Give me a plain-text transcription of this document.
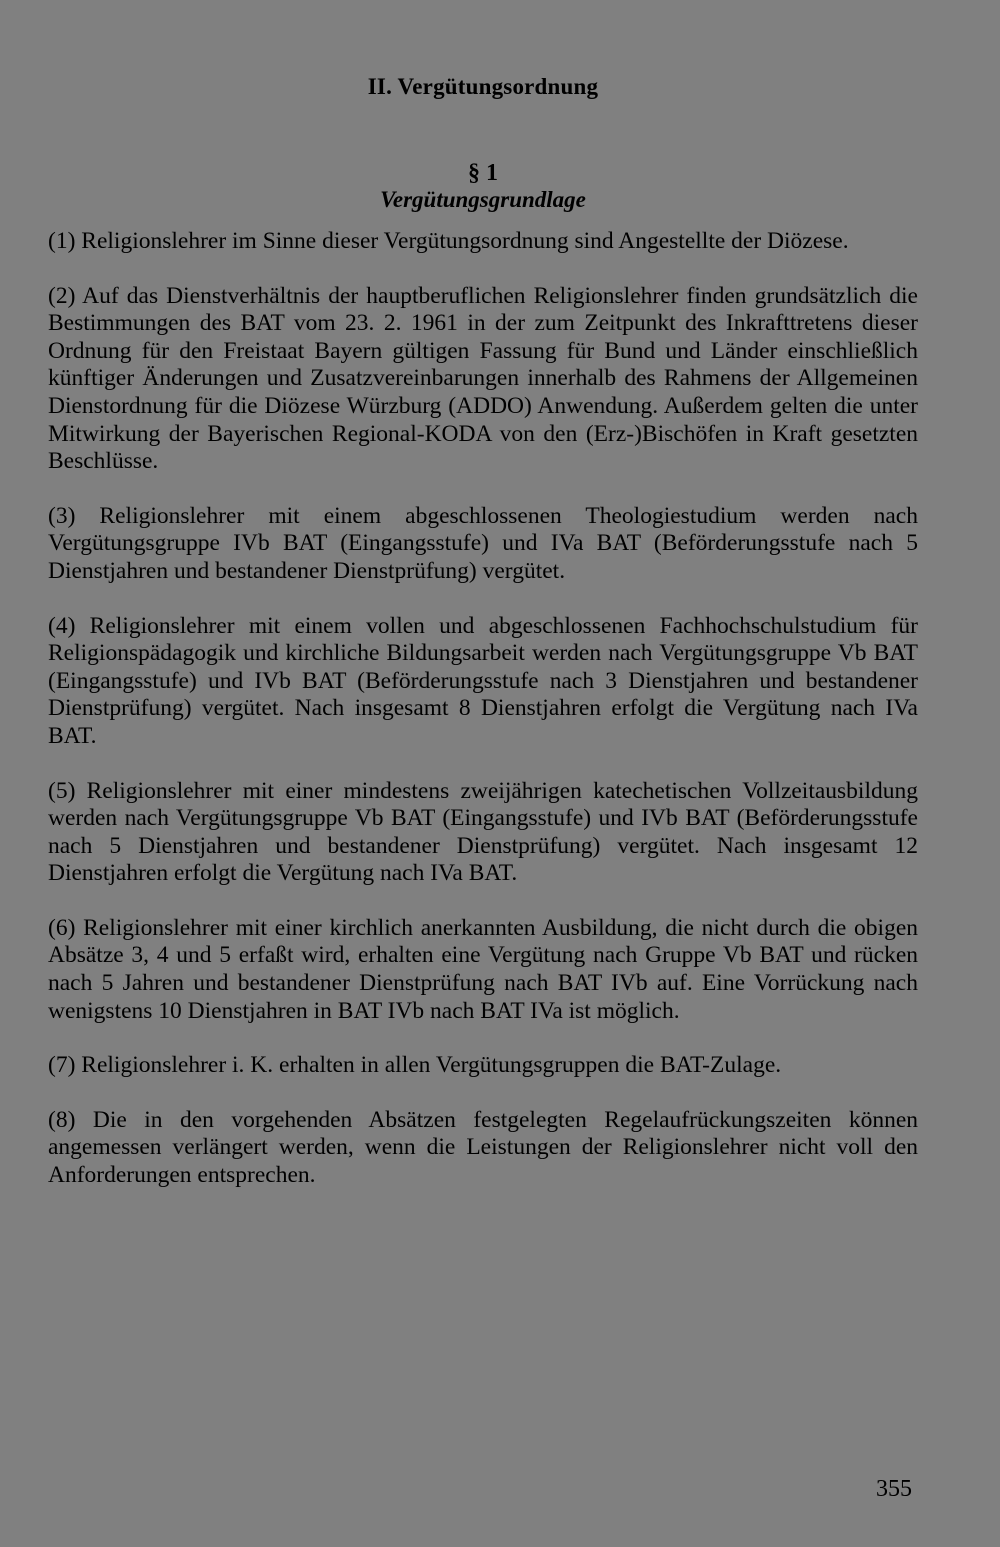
II. Vergütungsordnung
§ 1
Vergütungsgrundlage

(1) Religionslehrer im Sinne dieser Vergütungsordnung sind Angestellte der Diözese.

(2) Auf das Dienstverhältnis der hauptberuflichen Religionslehrer finden grundsätzlich die Bestimmungen des BAT vom 23. 2. 1961 in der zum Zeitpunkt des Inkrafttretens dieser Ordnung für den Freistaat Bayern gültigen Fassung für Bund und Länder einschließlich künftiger Änderungen und Zusatzvereinbarungen innerhalb des Rahmens der Allgemeinen Dienstordnung für die Diözese Würzburg (ADDO) Anwendung. Außerdem gelten die unter Mitwirkung der Bayerischen Regional-KODA von den (Erz-)Bischöfen in Kraft gesetzten Beschlüsse.

(3) Religionslehrer mit einem abgeschlossenen Theologiestudium werden nach Vergütungsgruppe IVb BAT (Eingangsstufe) und IVa BAT (Beförderungsstufe nach 5 Dienstjahren und bestandener Dienstprüfung) vergütet.

(4) Religionslehrer mit einem vollen und abgeschlossenen Fachhochschulstudium für Religionspädagogik und kirchliche Bildungsarbeit werden nach Vergütungsgruppe Vb BAT (Eingangsstufe) und IVb BAT (Beförderungsstufe nach 3 Dienstjahren und bestandener Dienstprüfung) vergütet. Nach insgesamt 8 Dienstjahren erfolgt die Vergütung nach IVa BAT.

(5) Religionslehrer mit einer mindestens zweijährigen katechetischen Vollzeitausbildung werden nach Vergütungsgruppe Vb BAT (Eingangsstufe) und IVb BAT (Beförderungsstufe nach 5 Dienstjahren und bestandener Dienstprüfung) vergütet. Nach insgesamt 12 Dienstjahren erfolgt die Vergütung nach IVa BAT.

(6) Religionslehrer mit einer kirchlich anerkannten Ausbildung, die nicht durch die obigen Absätze 3, 4 und 5 erfaßt wird, erhalten eine Vergütung nach Gruppe Vb BAT und rücken nach 5 Jahren und bestandener Dienstprüfung nach BAT IVb auf. Eine Vorrückung nach wenigstens 10 Dienstjahren in BAT IVb nach BAT IVa ist möglich.

(7) Religionslehrer i. K. erhalten in allen Vergütungsgruppen die BAT-Zulage.

(8) Die in den vorgehenden Absätzen festgelegten Regelaufrückungszeiten können angemessen verlängert werden, wenn die Leistungen der Religionslehrer nicht voll den Anforderungen entsprechen.

355
